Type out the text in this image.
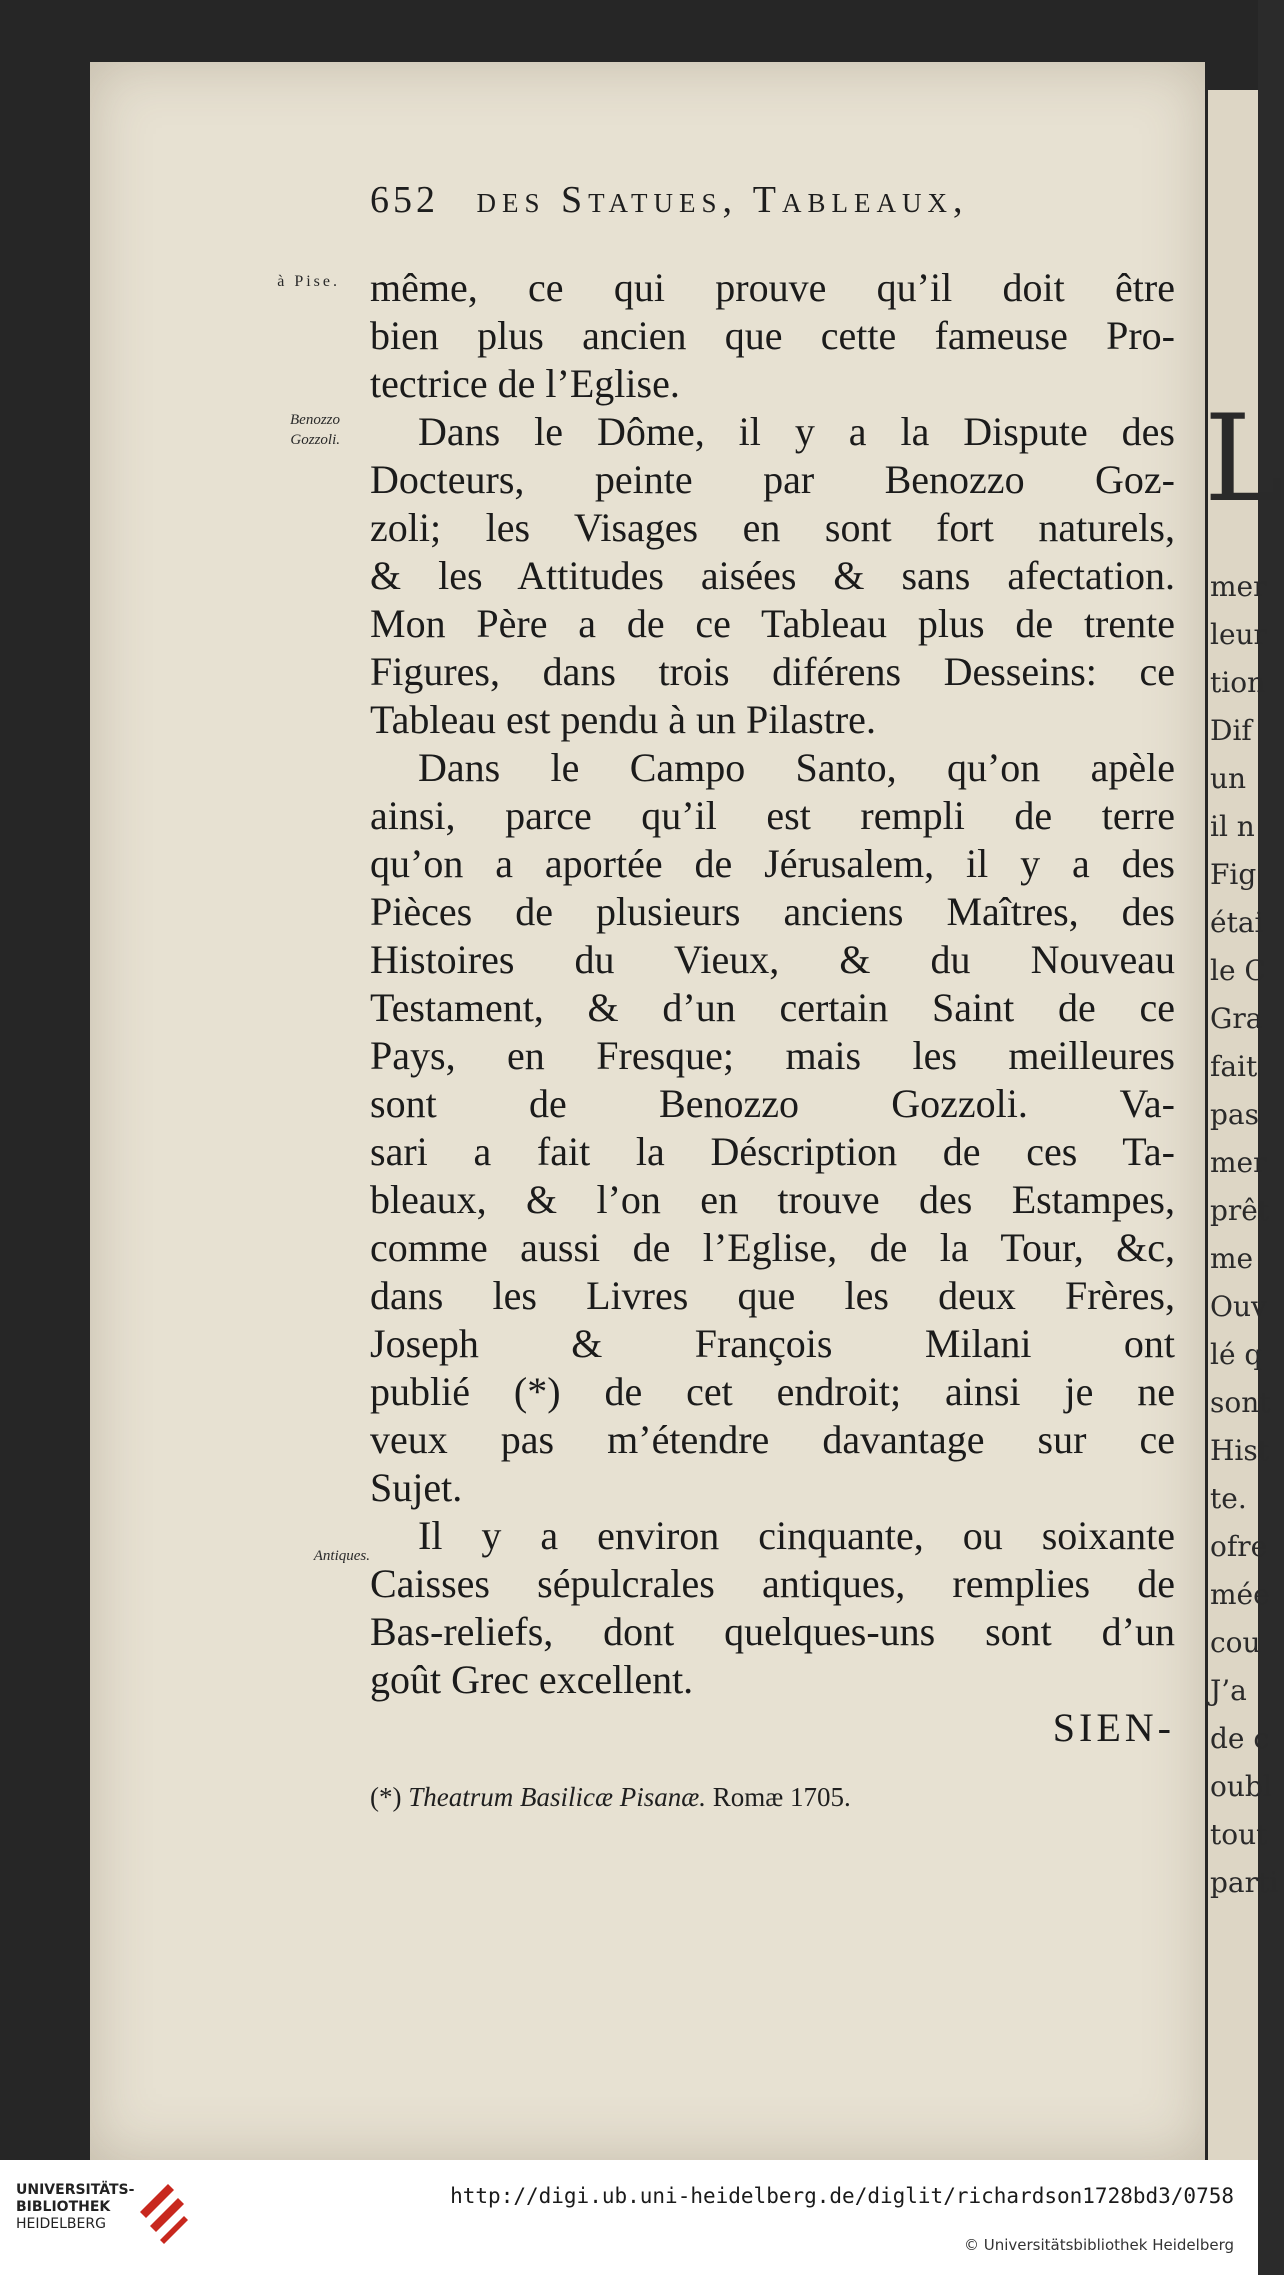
L
mer
leur
tion
Dif
un
il n
Fig
étai
le C
Gra
fait
pas
mer
prêt
me
Ouv
lé q
sont
Hist
te.
ofre
mée
cou
J’a
de c
oubl
tout
parti
652 des Statues, Tableaux,
à Pise.
Benozzo
Gozzoli.
Antiques.
même, ce qui prouve qu’il doit être
bien plus ancien que cette fameuse Pro-
tectrice de l’Eglise.
Dans le Dôme, il y a la Dispute des
Docteurs, peinte par Benozzo Goz-
zoli; les Visages en sont fort naturels,
& les Attitudes aisées & sans afectation.
Mon Père a de ce Tableau plus de trente
Figures, dans trois diférens Desseins: ce
Tableau est pendu à un Pilastre.
Dans le Campo Santo, qu’on apèle
ainsi, parce qu’il est rempli de terre
qu’on a aportée de Jérusalem, il y a des
Pièces de plusieurs anciens Maîtres, des
Histoires du Vieux, & du Nouveau
Testament, & d’un certain Saint de ce
Pays, en Fresque; mais les meilleures
sont de Benozzo Gozzoli. Va-
sari a fait la Déscription de ces Ta-
bleaux, & l’on en trouve des Estampes,
comme aussi de l’Eglise, de la Tour, &c,
dans les Livres que les deux Frères,
Joseph & François Milani ont
publié (*) de cet endroit; ainsi je ne
veux pas m’étendre davantage sur ce
Sujet.
Il y a environ cinquante, ou soixante
Caisses sépulcrales antiques, remplies de
Bas-reliefs, dont quelques-uns sont d’un
goût Grec excellent.
SIEN-
(*) Theatrum Basilicæ Pisanæ. Romæ 1705.
UNIVERSITÄTS-
BIBLIOTHEK
HEIDELBERG
http://digi.ub.uni-heidelberg.de/diglit/richardson1728bd3/0758
© Universitätsbibliothek Heidelberg
